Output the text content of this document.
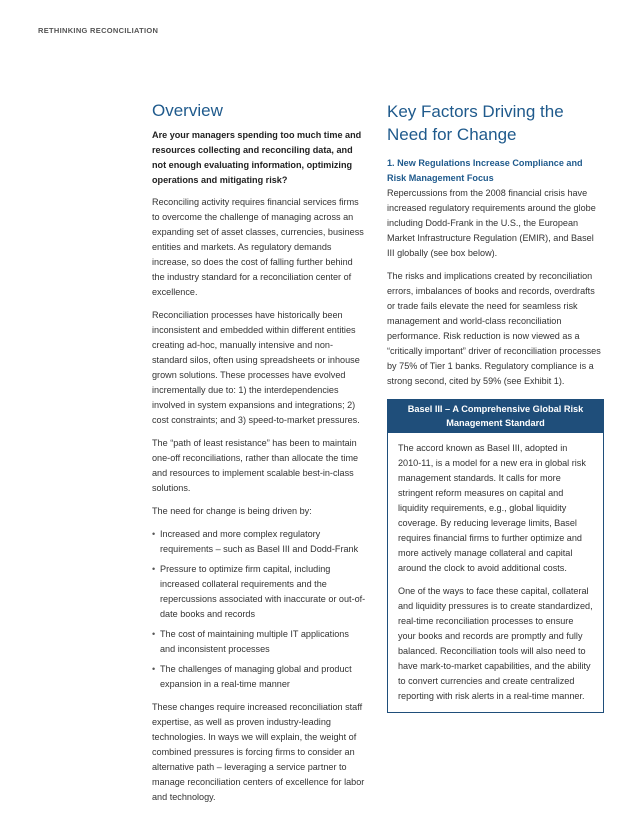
RETHINKING RECONCILIATION
Overview

Are your managers spending too much time and resources collecting and reconciling data, and not enough evaluating information, optimizing operations and mitigating risk?

Reconciling activity requires financial services firms to overcome the challenge of managing across an expanding set of asset classes, currencies, business entities and markets. As regulatory demands increase, so does the cost of falling further behind the industry standard for a reconciliation center of excellence.

Reconciliation processes have historically been inconsistent and embedded within different entities creating ad-hoc, manually intensive and non-standard silos, often using spreadsheets or inhouse grown solutions. These processes have evolved incrementally due to: 1) the interdependencies involved in system expansions and integrations; 2) cost constraints; and 3) speed-to-market pressures.

The “path of least resistance” has been to maintain one-off reconciliations, rather than allocate the time and resources to implement scalable best-in-class solutions.

The need for change is being driven by:

• Increased and more complex regulatory requirements – such as Basel III and Dodd-Frank
• Pressure to optimize firm capital, including increased collateral requirements and the repercussions associated with inaccurate or out-of-date books and records
• The cost of maintaining multiple IT applications and inconsistent processes
• The challenges of managing global and product expansion in a real-time manner

These changes require increased reconciliation staff expertise, as well as proven industry-leading technologies. In ways we will explain, the weight of combined pressures is forcing firms to consider an alternative path – leveraging a service partner to manage reconciliation centers of excellence for labor and technology.

Key Factors Driving the Need for Change

1. New Regulations Increase Compliance and Risk Management Focus

Repercussions from the 2008 financial crisis have increased regulatory requirements around the globe including Dodd-Frank in the U.S., the European Market Infrastructure Regulation (EMIR), and Basel III globally (see box below).

The risks and implications created by reconciliation errors, imbalances of books and records, overdrafts or trade fails elevate the need for seamless risk management and world-class reconciliation performance. Risk reduction is now viewed as a “critically important” driver of reconciliation processes by 75% of Tier 1 banks. Regulatory compliance is a strong second, cited by 59% (see Exhibit 1).

Basel III – A Comprehensive Global Risk Management Standard

The accord known as Basel III, adopted in 2010-11, is a model for a new era in global risk management standards. It calls for more stringent reform measures on capital and liquidity requirements, e.g., global liquidity coverage. By reducing leverage limits, Basel requires financial firms to further optimize and more actively manage collateral and capital around the clock to avoid additional costs.

One of the ways to face these capital, collateral and liquidity pressures is to create standardized, real-time reconciliation processes to ensure your books and records are promptly and fully balanced. Reconciliation tools will also need to have mark-to-market capabilities, and the ability to convert currencies and create centralized reporting with risk alerts in a real-time manner.
